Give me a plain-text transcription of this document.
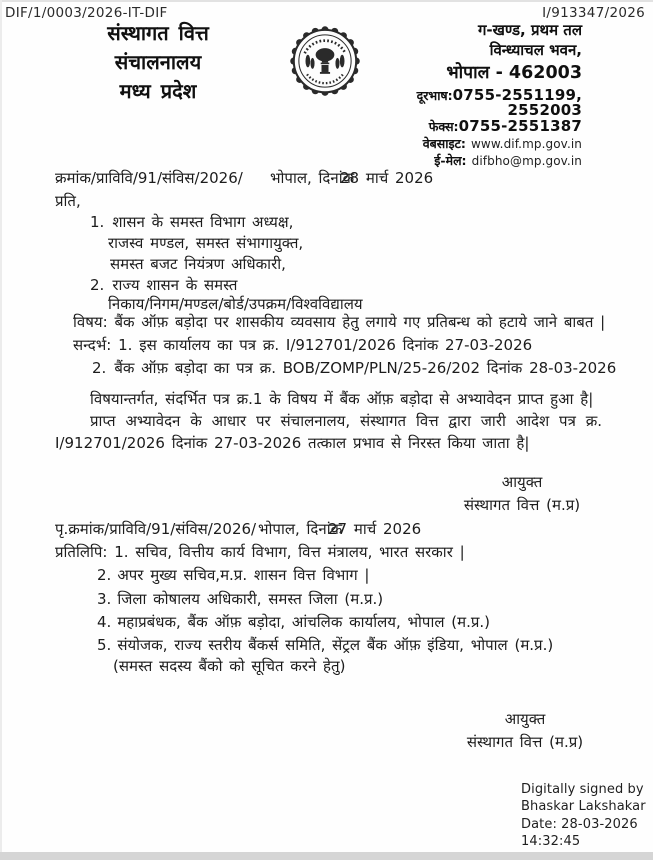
DIF/1/0003/2026-IT-DIF	I/913347/2026
संस्थागत वित्त
संचालनालय
मध्य प्रदेश
ग-खण्ड, प्रथम तल
विन्ध्याचल भवन,
भोपाल - 462003
दूरभाष:0755-2551199,
2552003
फेक्स:0755-2551387
वेबसाइट: www.dif.mp.gov.in
ई-मेल: difbho@mp.gov.in
क्रमांक/प्राविवि/91/संविस/2026/ भोपाल, दिनांक
28 मार्च 2026
प्रति,
1. शासन के समस्त विभाग अध्यक्ष,
राजस्व मण्डल, समस्त संभागायुक्त,
समस्त बजट नियंत्रण अधिकारी,
2. राज्य शासन के समस्त
निकाय/निगम/मण्डल/बोर्ड/उपक्रम/विश्वविद्यालय
विषय: बैंक ऑफ़ बड़ोदा पर शासकीय व्यवसाय हेतु लगाये गए प्रतिबन्ध को हटाये जाने बाबत |
सन्दर्भ: 1. इस कार्यालय का पत्र क्र. I/912701/2026 दिनांक 27-03-2026
2. बैंक ऑफ़ बड़ोदा का पत्र क्र. BOB/ZOMP/PLN/25-26/202 दिनांक 28-03-2026
विषयान्तर्गत, संदर्भित पत्र क्र.1 के विषय में बैंक ऑफ़ बड़ोदा से अभ्यावेदन प्राप्त हुआ है|
प्राप्त अभ्यावेदन के आधार पर संचालनालय, संस्थागत वित्त द्वारा जारी आदेश पत्र क्र.
I/912701/2026 दिनांक 27-03-2026 तत्काल प्रभाव से निरस्त किया जाता है|
आयुक्त
संस्थागत वित्त (म.प्र)
पृ.क्रमांक/प्राविवि/91/संविस/2026/ भोपाल, दिनांक
27 मार्च 2026
प्रतिलिपि: 1. सचिव, वित्तीय कार्य विभाग, वित्त मंत्रालय, भारत सरकार |
2. अपर मुख्य सचिव,म.प्र. शासन वित्त विभाग |
3. जिला कोषालय अधिकारी, समस्त जिला (म.प्र.)
4. महाप्रबंधक, बैंक ऑफ़ बड़ोदा, आंचलिक कार्यालय, भोपाल (म.प्र.)
5. संयोजक, राज्य स्तरीय बैंकर्स समिति, सेंट्रल बैंक ऑफ़ इंडिया, भोपाल (म.प्र.)
(समस्त सदस्य बैंको को सूचित करने हेतु)
आयुक्त
संस्थागत वित्त (म.प्र)
Digitally signed by
Bhaskar Lakshakar
Date: 28-03-2026
14:32:45
